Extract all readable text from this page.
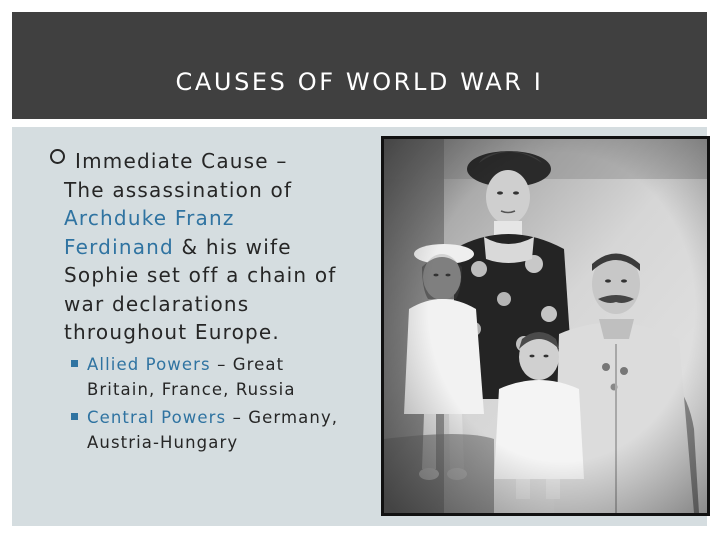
CAUSES OF WORLD WAR I
Immediate Cause –
The assassination of Archduke Franz Ferdinand & his wife Sophie set off a chain of war declarations throughout Europe.
Allied Powers – Great Britain, France, Russia
Central Powers – Germany, Austria-Hungary
